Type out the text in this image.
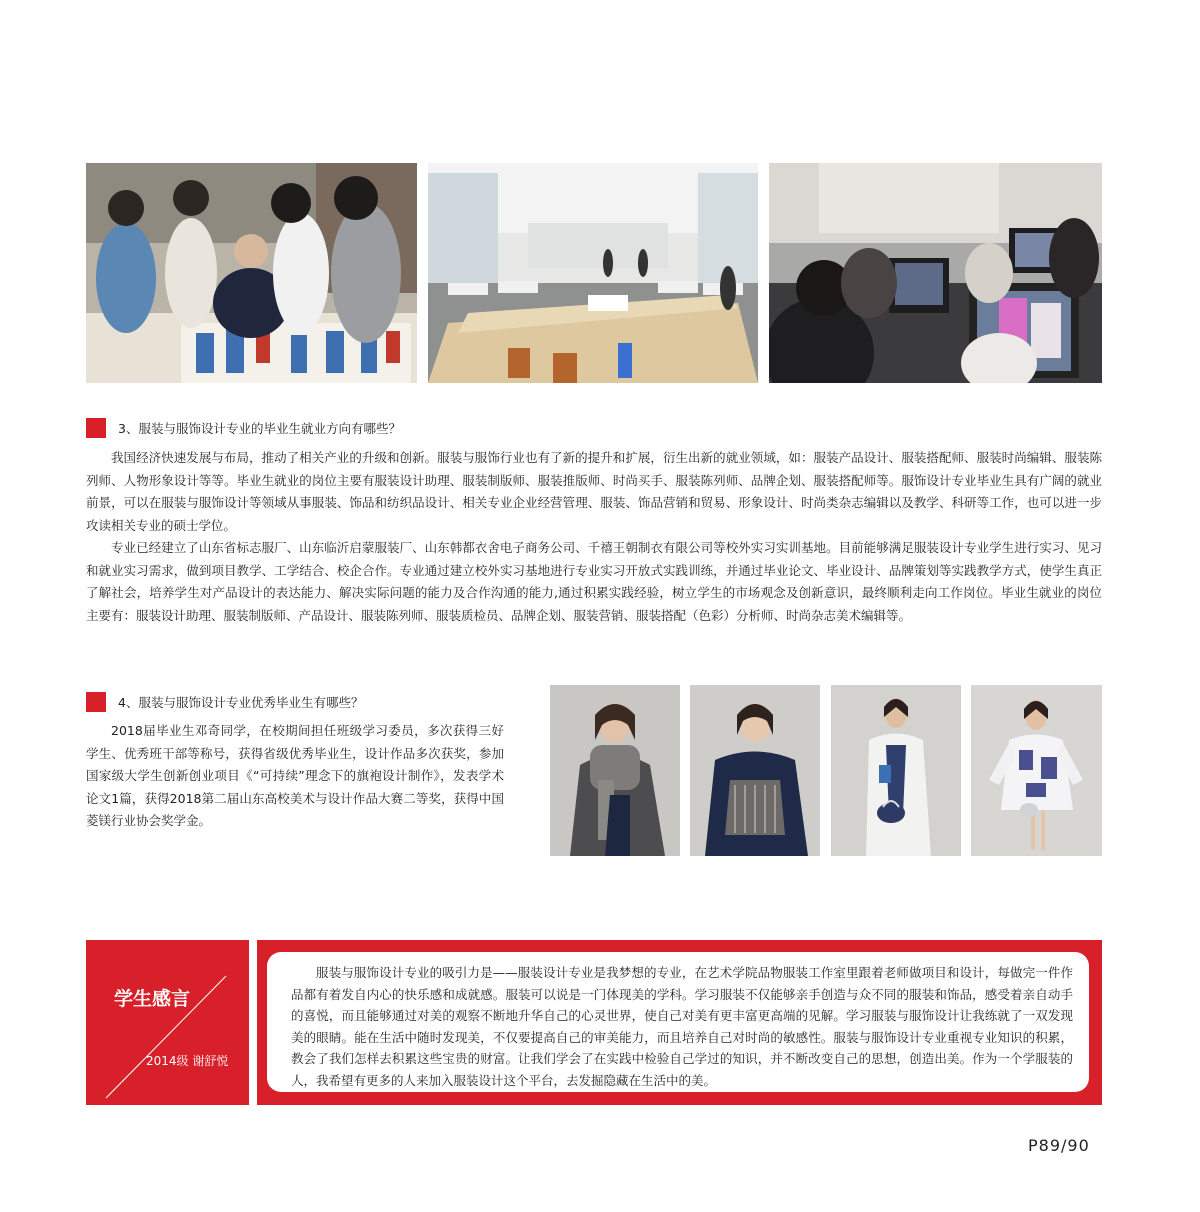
3、服装与服饰设计专业的毕业生就业方向有哪些？

我国经济快速发展与布局，推动了相关产业的升级和创新。服装与服饰行业也有了新的提升和扩展，衍生出新的就业领域，如：服装产品设计、服装搭配师、服装时尚编辑、服装陈列师、人物形象设计等等。毕业生就业的岗位主要有服装设计助理、服装制版师、服装推版师、时尚买手、服装陈列师、品牌企划、服装搭配师等。服饰设计专业毕业生具有广阔的就业前景，可以在服装与服饰设计等领域从事服装、饰品和纺织品设计、相关专业企业经营管理、服装、饰品营销和贸易、形象设计、时尚类杂志编辑以及教学、科研等工作，也可以进一步攻读相关专业的硕士学位。

专业已经建立了山东省标志服厂、山东临沂启蒙服装厂、山东韩都衣舍电子商务公司、千禧王朝制衣有限公司等校外实习实训基地。目前能够满足服装设计专业学生进行实习、见习和就业实习需求，做到项目教学、工学结合、校企合作。专业通过建立校外实习基地进行专业实习开放式实践训练，并通过毕业论文、毕业设计、品牌策划等实践教学方式，使学生真正了解社会，培养学生对产品设计的表达能力、解决实际问题的能力及合作沟通的能力,通过积累实践经验，树立学生的市场观念及创新意识，最终顺利走向工作岗位。毕业生就业的岗位主要有：服装设计助理、服装制版师、产品设计、服装陈列师、服装质检员、品牌企划、服装营销、服装搭配（色彩）分析师、时尚杂志美术编辑等。

4、服装与服饰设计专业优秀毕业生有哪些？

2018届毕业生邓奇同学，在校期间担任班级学习委员，多次获得三好学生、优秀班干部等称号，获得省级优秀毕业生，设计作品多次获奖，参加国家级大学生创新创业项目《“可持续”理念下的旗袍设计制作》，发表学术论文1篇，获得2018第二届山东高校美术与设计作品大赛二等奖，获得中国菱镁行业协会奖学金。

学生感言
2014级 谢舒悦

服装与服饰设计专业的吸引力是——服装设计专业是我梦想的专业，在艺术学院品物服装工作室里跟着老师做项目和设计，每做完一件作品都有着发自内心的快乐感和成就感。服装可以说是一门体现美的学科。学习服装不仅能够亲手创造与众不同的服装和饰品，感受着亲自动手的喜悦，而且能够通过对美的观察不断地升华自己的心灵世界，使自己对美有更丰富更高端的见解。学习服装与服饰设计让我练就了一双发现美的眼睛。能在生活中随时发现美，不仅要提高自己的审美能力，而且培养自己对时尚的敏感性。服装与服饰设计专业重视专业知识的积累，教会了我们怎样去积累这些宝贵的财富。让我们学会了在实践中检验自己学过的知识，并不断改变自己的思想，创造出美。作为一个学服装的人，我希望有更多的人来加入服装设计这个平台，去发掘隐藏在生活中的美。

P89/90
